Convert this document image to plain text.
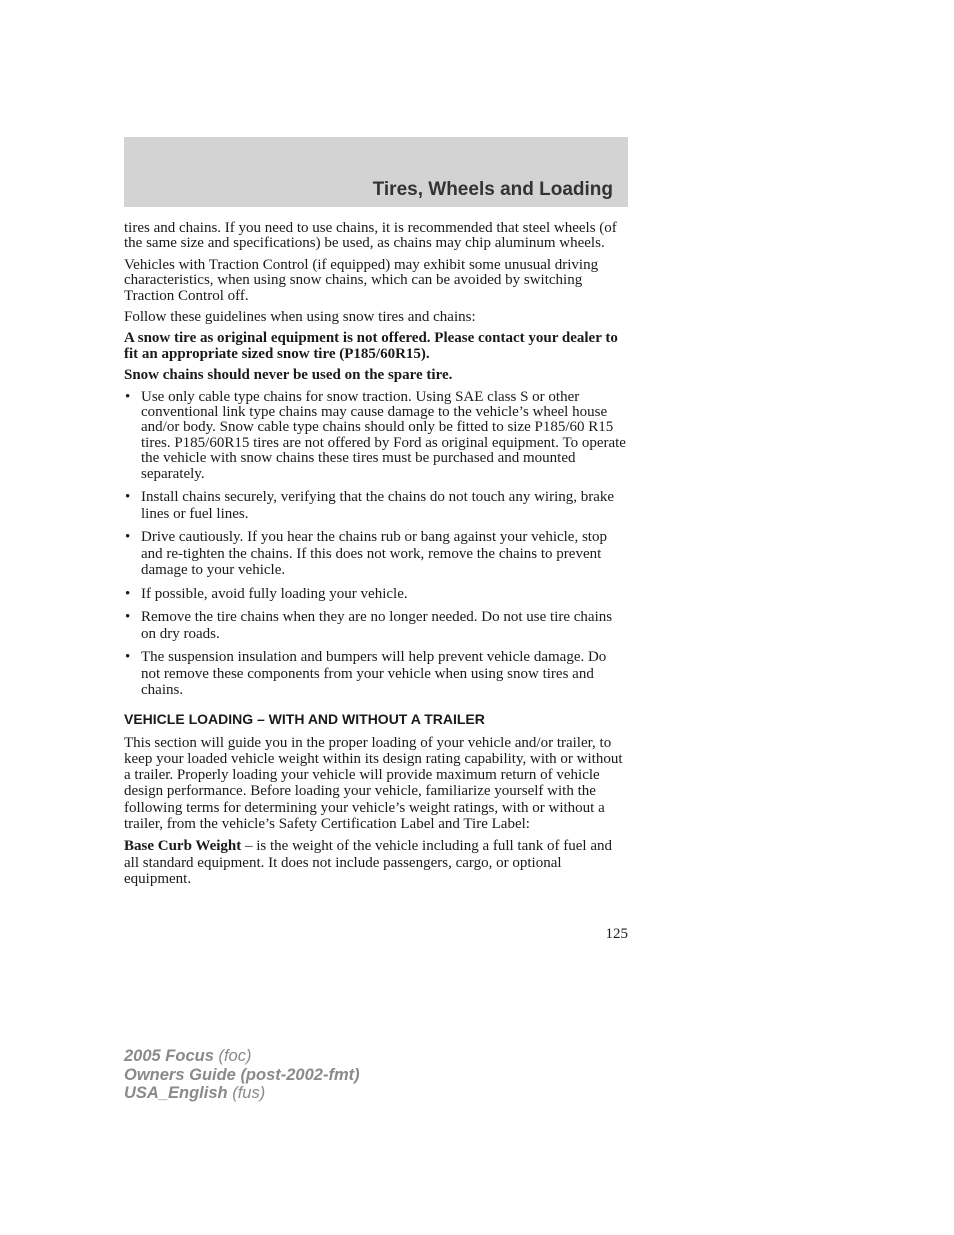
Tires, Wheels and Loading

tires and chains. If you need to use chains, it is recommended that steel wheels (of the same size and specifications) be used, as chains may chip aluminum wheels.

Vehicles with Traction Control (if equipped) may exhibit some unusual driving characteristics, when using snow chains, which can be avoided by switching Traction Control off.

Follow these guidelines when using snow tires and chains:

A snow tire as original equipment is not offered. Please contact your dealer to fit an appropriate sized snow tire (P185/60R15).

Snow chains should never be used on the spare tire.

• Use only cable type chains for snow traction. Using SAE class S or other conventional link type chains may cause damage to the vehicle’s wheel house and/or body. Snow cable type chains should only be fitted to size P185/60 R15 tires. P185/60R15 tires are not offered by Ford as original equipment. To operate the vehicle with snow chains these tires must be purchased and mounted separately.
• Install chains securely, verifying that the chains do not touch any wiring, brake lines or fuel lines.
• Drive cautiously. If you hear the chains rub or bang against your vehicle, stop and re-tighten the chains. If this does not work, remove the chains to prevent damage to your vehicle.
• If possible, avoid fully loading your vehicle.
• Remove the tire chains when they are no longer needed. Do not use tire chains on dry roads.
• The suspension insulation and bumpers will help prevent vehicle damage. Do not remove these components from your vehicle when using snow tires and chains.
VEHICLE LOADING – WITH AND WITHOUT A TRAILER

This section will guide you in the proper loading of your vehicle and/or trailer, to keep your loaded vehicle weight within its design rating capability, with or without a trailer. Properly loading your vehicle will provide maximum return of vehicle design performance. Before loading your vehicle, familiarize yourself with the following terms for determining your vehicle’s weight ratings, with or without a trailer, from the vehicle’s Safety Certification Label and Tire Label:

Base Curb Weight – is the weight of the vehicle including a full tank of fuel and all standard equipment. It does not include passengers, cargo, or optional equipment.

125
2005 Focus (foc)
Owners Guide (post-2002-fmt)
USA_English (fus)
